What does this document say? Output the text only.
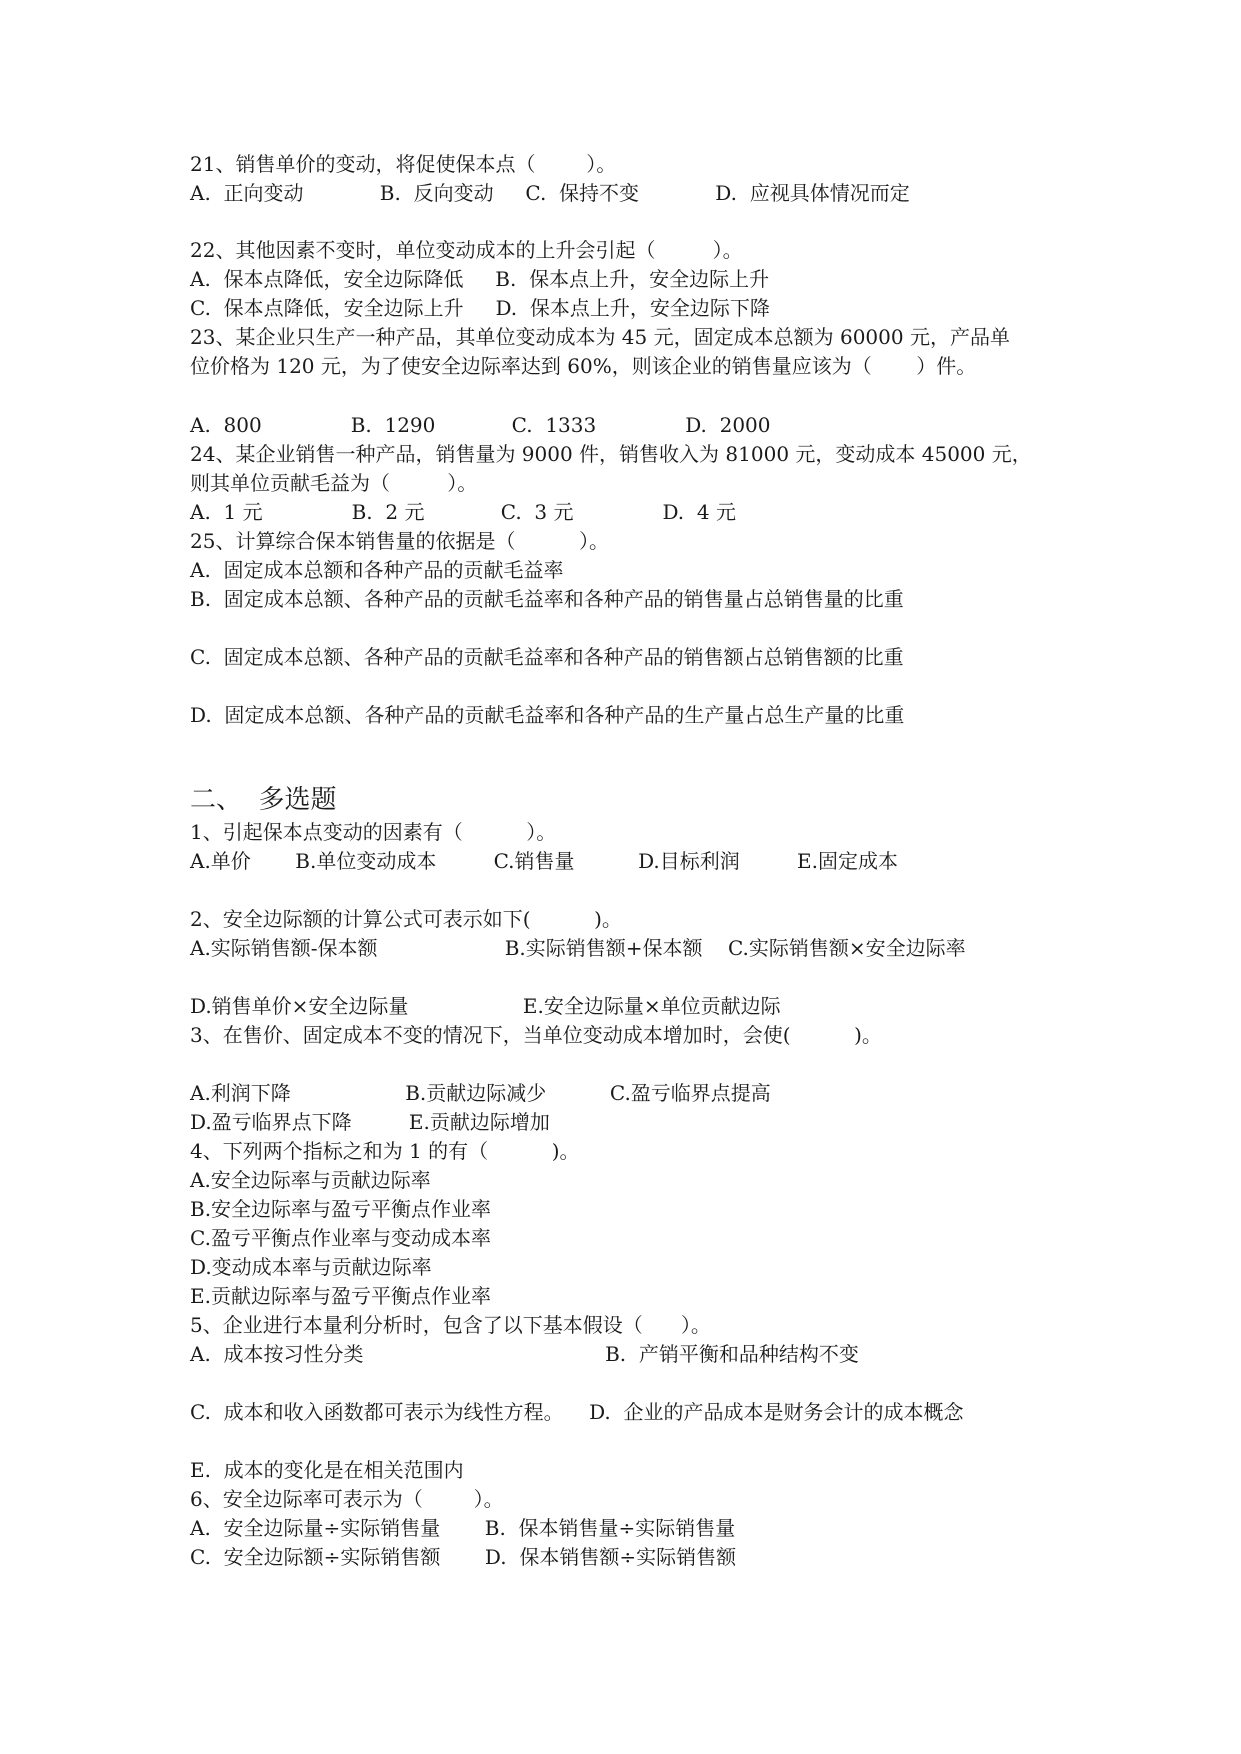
21、销售单价的变动，将促使保本点（        ）。
A.  正向变动            B.  反向变动     C.  保持不变            D.  应视具体情况而定
22、其他因素不变时，单位变动成本的上升会引起（         ）。
A.  保本点降低，安全边际降低     B.  保本点上升，安全边际上升
C.  保本点降低，安全边际上升     D.  保本点上升，安全边际下降
23、某企业只生产一种产品，其单位变动成本为 45 元，固定成本总额为 60000 元，产品单
位价格为 120 元，为了使安全边际率达到 60%，则该企业的销售量应该为（       ）件。
A.  800              B.  1290            C.  1333              D.  2000
24、某企业销售一种产品，销售量为 9000 件，销售收入为 81000 元，变动成本 45000 元，
则其单位贡献毛益为（         ）。
A.  1 元              B.  2 元            C.  3 元              D.  4 元
25、计算综合保本销售量的依据是（          ）。
A.  固定成本总额和各种产品的贡献毛益率
B.  固定成本总额、各种产品的贡献毛益率和各种产品的销售量占总销售量的比重
C.  固定成本总额、各种产品的贡献毛益率和各种产品的销售额占总销售额的比重
D.  固定成本总额、各种产品的贡献毛益率和各种产品的生产量占总生产量的比重
二、  多选题
1、引起保本点变动的因素有（          ）。
A.单价       B.单位变动成本         C.销售量          D.目标利润         E.固定成本
2、安全边际额的计算公式可表示如下(          )。
A.实际销售额-保本额                    B.实际销售额+保本额    C.实际销售额×安全边际率
D.销售单价×安全边际量                  E.安全边际量×单位贡献边际
3、在售价、固定成本不变的情况下，当单位变动成本增加时，会使(          )。
A.利润下降                  B.贡献边际减少          C.盈亏临界点提高
D.盈亏临界点下降         E.贡献边际增加
4、下列两个指标之和为 1 的有（          )。
A.安全边际率与贡献边际率
B.安全边际率与盈亏平衡点作业率
C.盈亏平衡点作业率与变动成本率
D.变动成本率与贡献边际率
E.贡献边际率与盈亏平衡点作业率
5、企业进行本量利分析时，包含了以下基本假设（      ）。
A.  成本按习性分类                                      B.  产销平衡和品种结构不变
C.  成本和收入函数都可表示为线性方程。    D.  企业的产品成本是财务会计的成本概念
E.  成本的变化是在相关范围内
6、安全边际率可表示为（        ）。
A.  安全边际量÷实际销售量       B.  保本销售量÷实际销售量
C.  安全边际额÷实际销售额       D.  保本销售额÷实际销售额
